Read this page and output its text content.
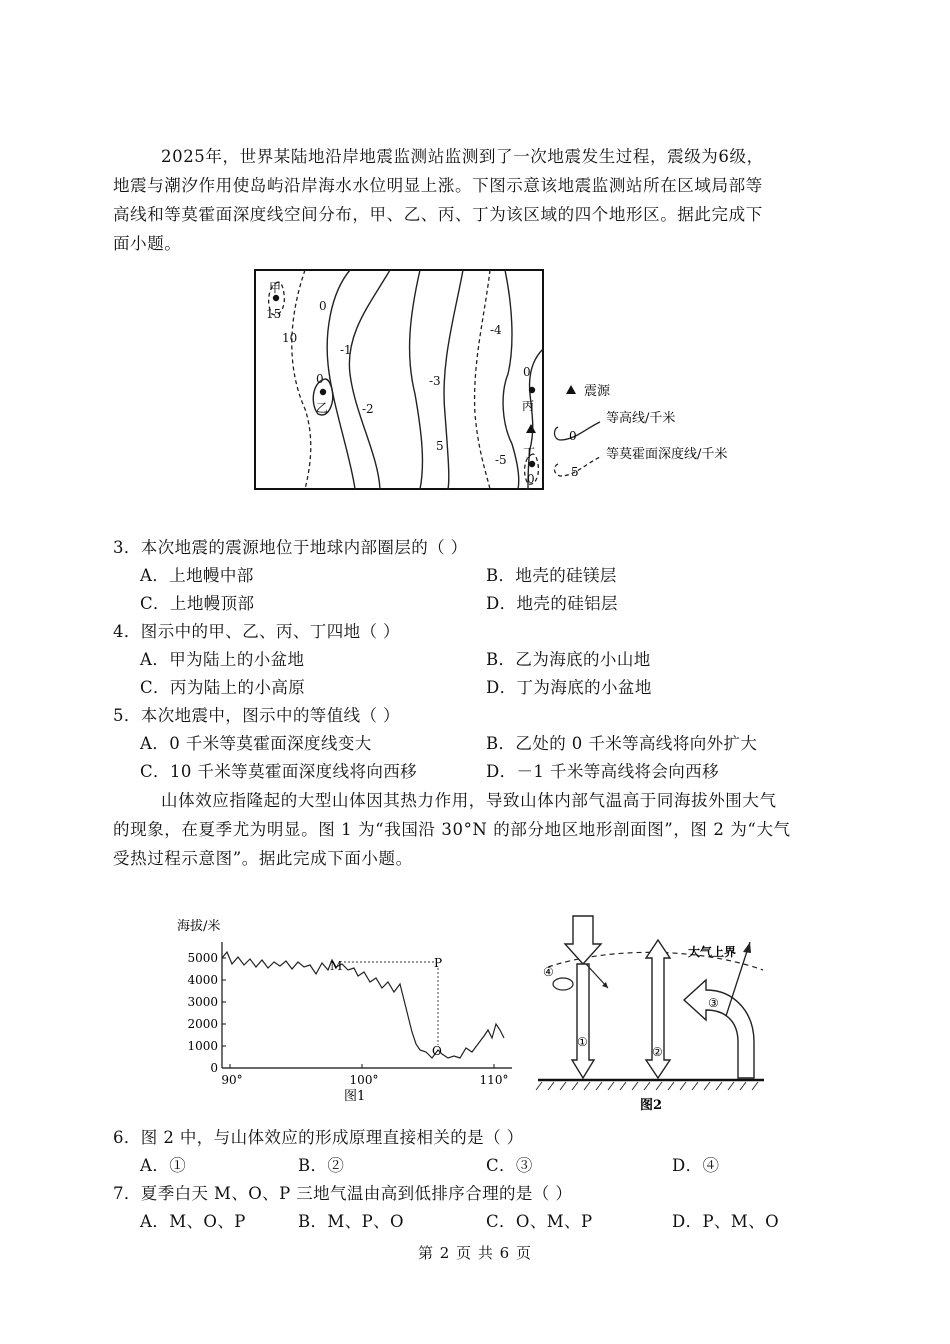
2025年，世界某陆地沿岸地震监测站监测到了一次地震发生过程，震级为6级，
地震与潮汐作用使岛屿沿岸海水水位明显上涨。下图示意该地震监测站所在区域局部等
高线和等莫霍面深度线空间分布，甲、乙、丙、丁为该区域的四个地形区。据此完成下
面小题。
甲
乙	丙
丁
15
0
10
-1
0
-2
-3
5
-4
0
-5
0
震源
0
等高线/千米
5
等莫霍面深度线/千米
3．本次地震的震源地位于地球内部圈层的（ ）
A．上地幔中部	B．地壳的硅镁层
C．上地幔顶部	D．地壳的硅铝层
4．图示中的甲、乙、丙、丁四地（ ）
A．甲为陆上的小盆地	B．乙为海底的小山地
C．丙为陆上的小高原	D．丁为海底的小盆地
5．本次地震中，图示中的等值线（ ）
A．0 千米等莫霍面深度线变大	B．乙处的 0 千米等高线将向外扩大
C．10 千米等莫霍面深度线将向西移	D．－1 千米等高线将会向西移
山体效应指隆起的大型山体因其热力作用，导致山体内部气温高于同海拔外围大气
的现象，在夏季尤为明显。图 1 为“我国沿 30°N 的部分地区地形剖面图”，图 2 为“大气
受热过程示意图”。据此完成下面小题。
海拔/米
5000
4000
3000
2000
1000
0
90°	100°	110°
M	P
O
图1
大气上界
①
④
②
③
图2
6．图 2 中，与山体效应的形成原理直接相关的是（ ）
A．①	B．②	C．③	D．④
7．夏季白天 M、O、P 三地气温由高到低排序合理的是（ ）
A．M、O、P	B．M、P、O	C．O、M、P	D．P、M、O
第 2 页 共 6 页
